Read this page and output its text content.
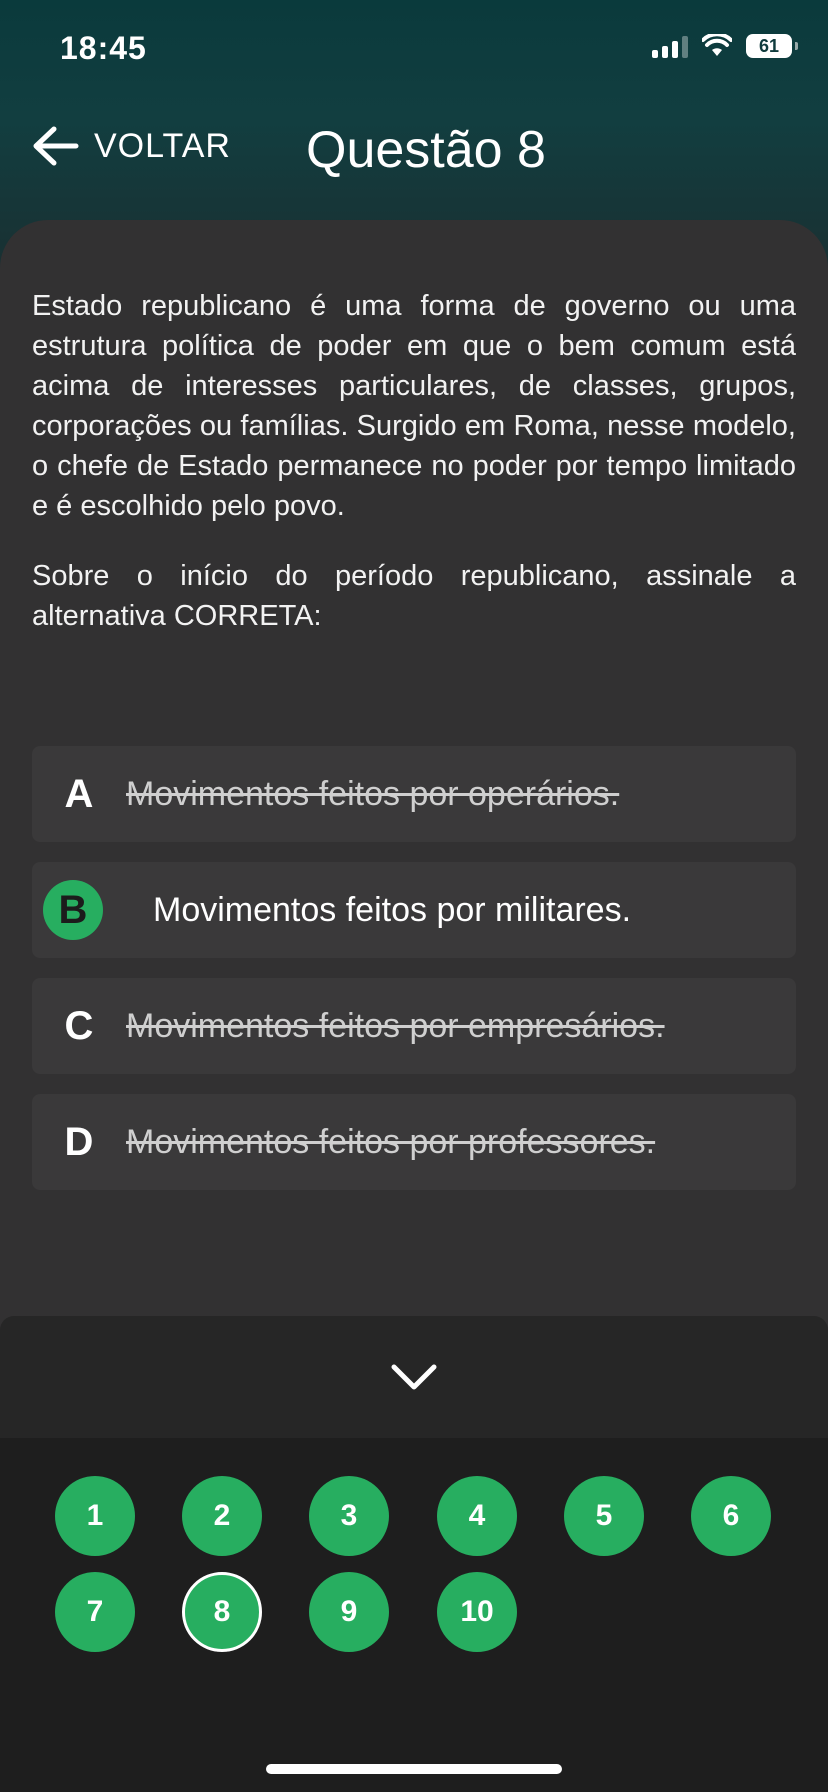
18:45	61
VOLTAR Questão 8

Estado republicano é uma forma de governo ou uma estrutura política de poder em que o bem comum está acima de interesses particulares, de classes, grupos, corporações ou famílias. Surgido em Roma, nesse modelo, o chefe de Estado permanece no poder por tempo limitado e é escolhido pelo povo.

Sobre o início do período republicano, assinale a alternativa CORRETA:

A Movimentos feitos por operários.
B	Movimentos feitos por militares.
C Movimentos feitos por empresários.
D Movimentos feitos por professores.
1	2	3	4	5	6
7	8	9	10
